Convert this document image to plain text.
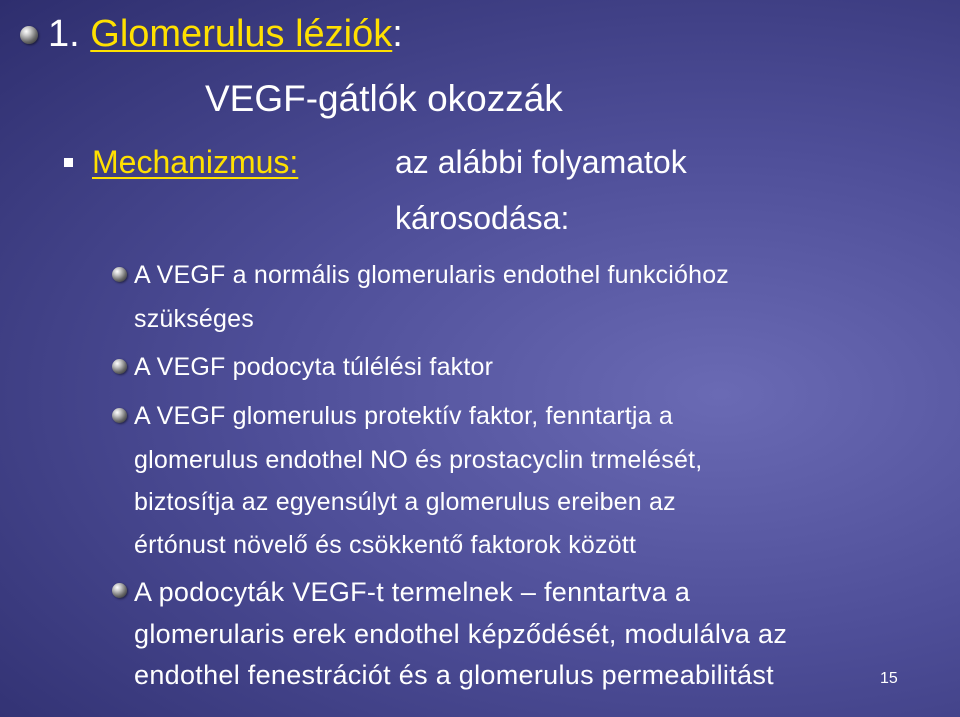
1. Glomerulus léziók:
VEGF-gátlók okozzák
Mechanizmus:	az alábbi folyamatok
károsodása:
A VEGF a normális glomerularis endothel funkcióhoz
szükséges
A VEGF podocyta túlélési faktor
A VEGF glomerulus protektív faktor, fenntartja a
glomerulus endothel NO és prostacyclin trmelését,
biztosítja az egyensúlyt a glomerulus ereiben az
értónust növelő és csökkentő faktorok között
A podocyták VEGF-t termelnek – fenntartva a
glomerularis erek endothel képződését, modulálva az
endothel fenestrációt és a glomerulus permeabilitást	15
